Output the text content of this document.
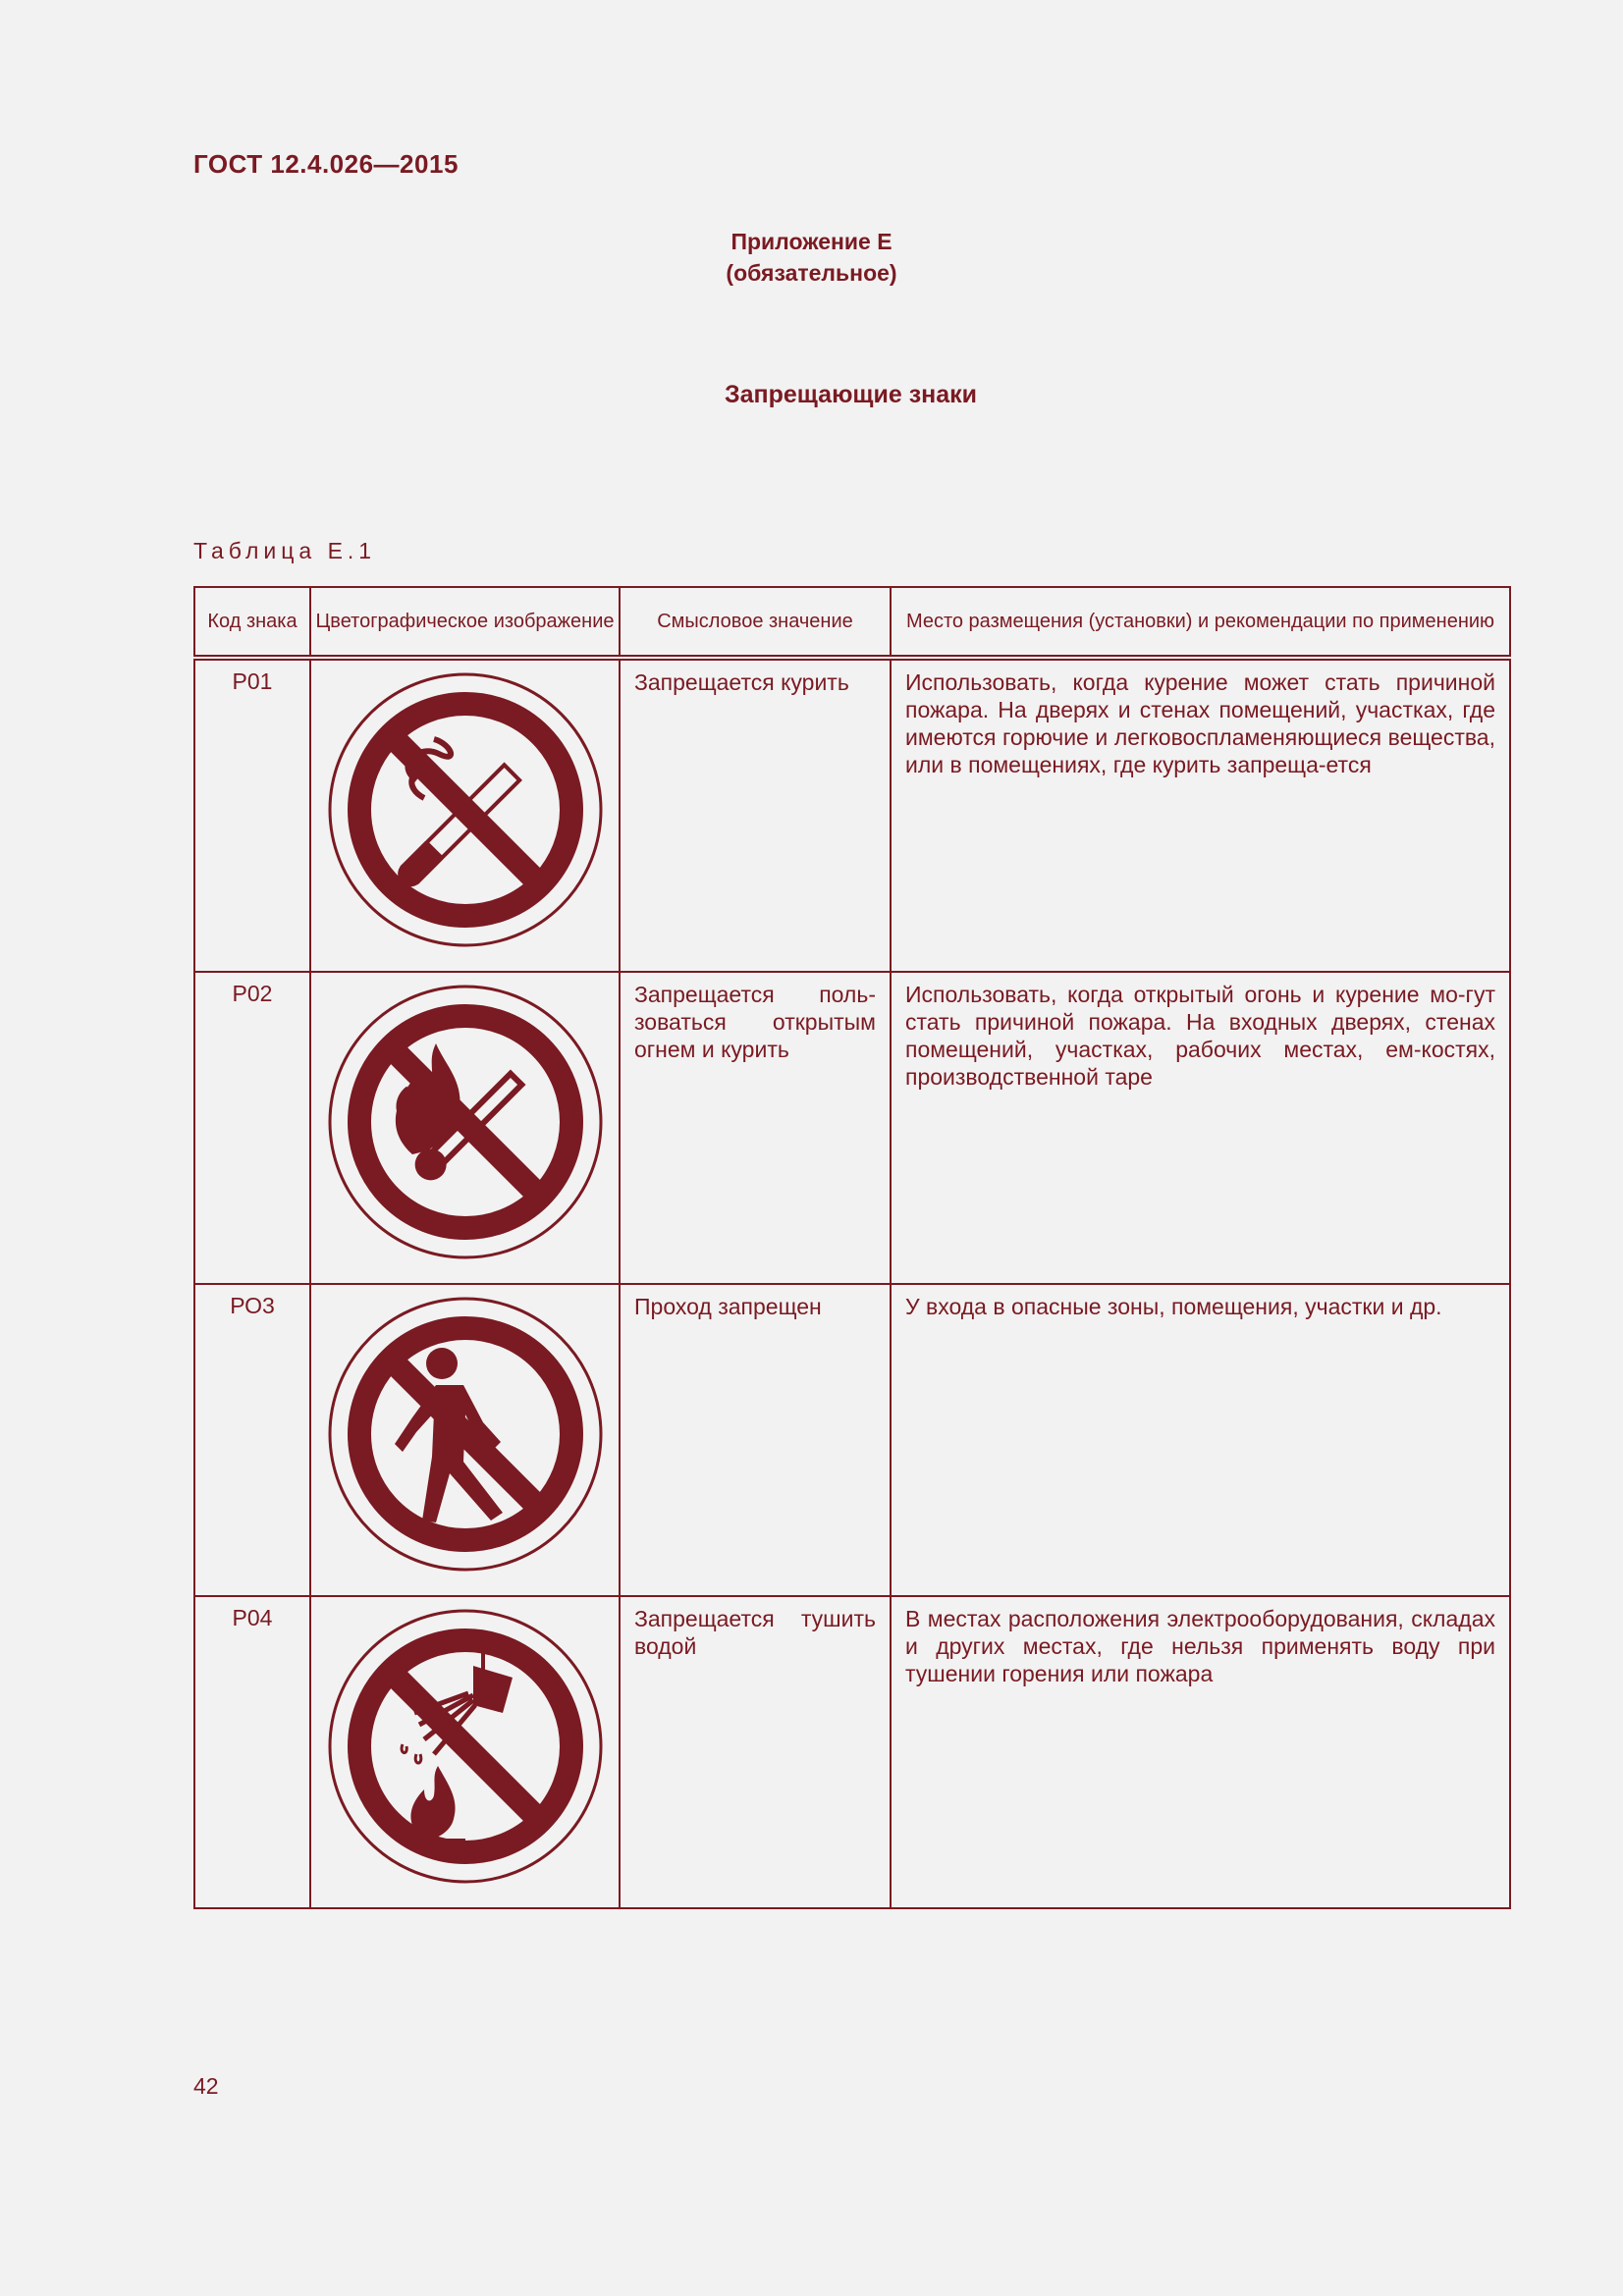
ГОСТ 12.4.026—2015
Приложение Е
(обязательное)
Запрещающие знаки
Таблица Е.1
Код знака	Цветографическое изображение	Смысловое значение	Место размещения (установки) и рекомендации по применению
Р01		Запрещается курить	Использовать, когда курение может стать причиной пожара. На дверях и стенах помещений, участках, где имеются горючие и легковоспламеняющиеся вещества, или в помещениях, где курить запреща-ется
Р02		Запрещается поль-зоваться открытым огнем и курить	Использовать, когда открытый огонь и курение мо-гут стать причиной пожара. На входных дверях, стенах помещений, участках, рабочих местах, ем-костях, производственной таре
РО3		Проход запрещен	У входа в опасные зоны, помещения, участки и др.
Р04		Запрещается тушить водой	В местах расположения электрооборудования, складах и других местах, где нельзя применять воду при тушении горения или пожара
42
